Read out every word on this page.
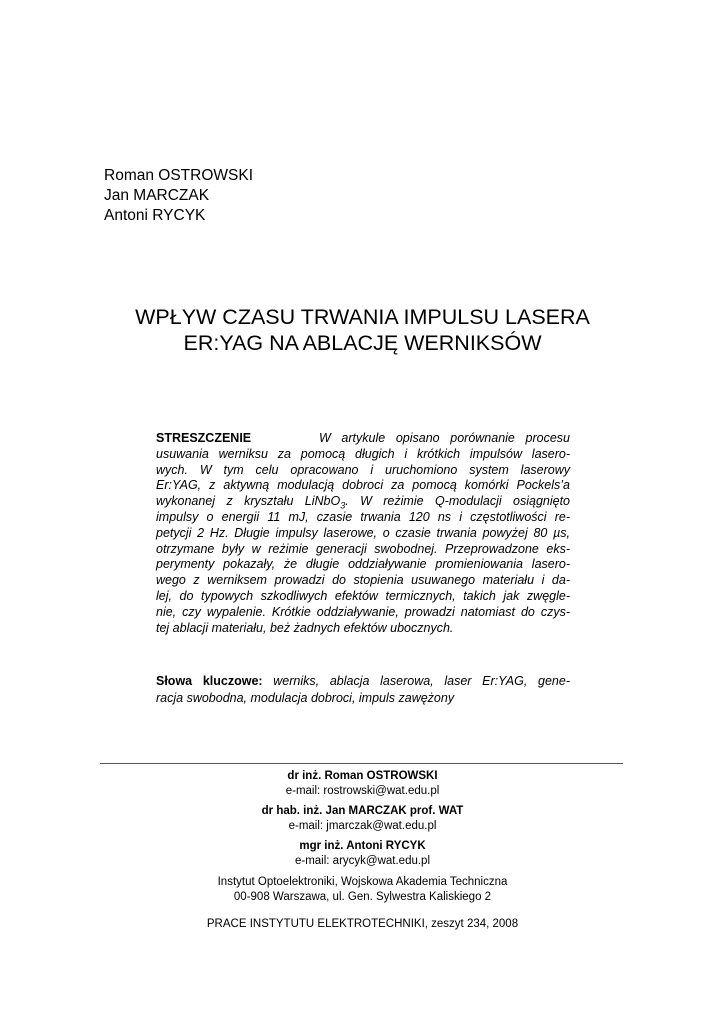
Roman OSTROWSKI
Jan MARCZAK
Antoni RYCYK
WPŁYW CZASU TRWANIA IMPULSU LASERA
ER:YAG NA ABLACJĘ WERNIKSÓW
STRESZCZENIE	W artykule opisano porównanie procesu
usuwania werniksu za pomocą długich i krótkich impulsów lasero-
wych. W tym celu opracowano i uruchomiono system laserowy
Er:YAG, z aktywną modulacją dobroci za pomocą komórki Pockels’a
wykonanej z kryształu LiNbO$_3$. W reżimie Q-modulacji osiągnięto
impulsy o energii 11 mJ, czasie trwania 120 ns i częstotliwości re-
petycji 2 Hz. Długie impulsy laserowe, o czasie trwania powyżej 80 µs,
otrzymane były w reżimie generacji swobodnej. Przeprowadzone eks-
perymenty pokazały, że długie oddziaływanie promieniowania lasero-
wego z werniksem prowadzi do stopienia usuwanego materiału i da-
lej, do typowych szkodliwych efektów termicznych, takich jak zwęgle-
nie, czy wypalenie. Krótkie oddziaływanie, prowadzi natomiast do czys-
tej ablacji materiału, beż żadnych efektów ubocznych.
Słowa kluczowe: werniks, ablacja laserowa, laser Er:YAG, gene-
racja swobodna, modulacja dobroci, impuls zawężony
dr inż. Roman OSTROWSKI
e-mail: rostrowski@wat.edu.pl
dr hab. inż. Jan MARCZAK prof. WAT
e-mail: jmarczak@wat.edu.pl
mgr inż. Antoni RYCYK
e-mail: arycyk@wat.edu.pl
Instytut Optoelektroniki, Wojskowa Akademia Techniczna
00-908 Warszawa, ul. Gen. Sylwestra Kaliskiego 2
PRACE INSTYTUTU ELEKTROTECHNIKI, zeszyt 234, 2008
